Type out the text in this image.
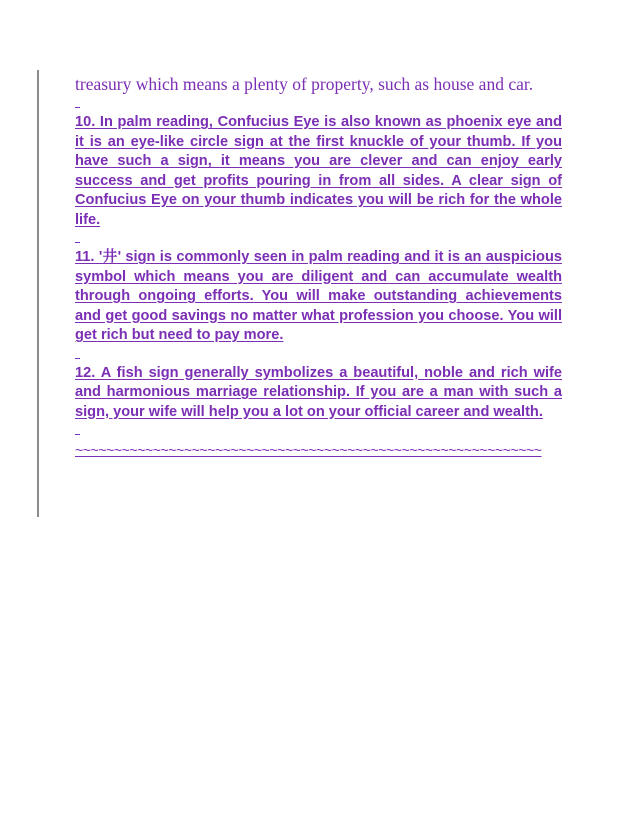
treasury which means a plenty of property, such as house and car.

10. In palm reading, Confucius Eye is also known as phoenix eye and it is an eye-like circle sign at the first knuckle of your thumb. If you have such a sign, it means you are clever and can enjoy early success and get profits pouring in from all sides. A clear sign of Confucius Eye on your thumb indicates you will be rich for the whole life.

11. '井' sign is commonly seen in palm reading and it is an auspicious symbol which means you are diligent and can accumulate wealth through ongoing efforts. You will make outstanding achievements and get good savings no matter what profession you choose. You will get rich but need to pay more.

12. A fish sign generally symbolizes a beautiful, noble and rich wife and harmonious marriage relationship. If you are a man with such a sign, your wife will help you a lot on your official career and wealth.

~~~~~~~~~~~~~~~~~~~~~~~~~~~~~~~~~~~~~~~~~~~~~~~~~~~~~~~~~~~~
